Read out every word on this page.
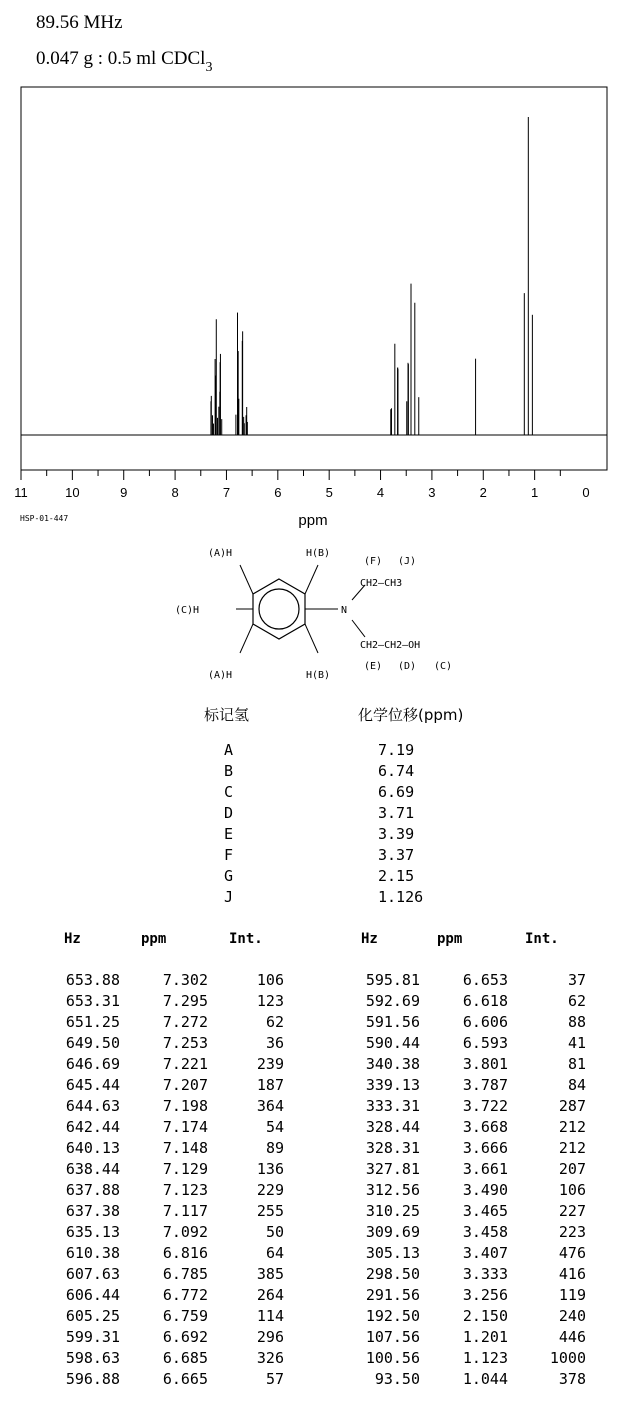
89.56 MHz
0.047 g : 0.5 ml CDCl$_3$
11	10	9	8	7	6	5	4	3	2	1	0
ppm
HSP-01-447
(A)H	H(B)
(C)H
(A)H	H(B)
(F) (J)
CH2–CH3
N
CH2–CH2–OH
(E) (D) (C)
标记氢	化学位移(ppm)
A	7.19
B	6.74
C	6.69
D	3.71
E	3.39
F	3.37
G	2.15
J	1.126
Hz	ppm	Int.	Hz	ppm	Int.
653.88	7.302	106	595.81	6.653	37
653.31	7.295	123	592.69	6.618	62
651.25	7.272	62	591.56	6.606	88
649.50	7.253	36	590.44	6.593	41
646.69	7.221	239	340.38	3.801	81
645.44	7.207	187	339.13	3.787	84
644.63	7.198	364	333.31	3.722	287
642.44	7.174	54	328.44	3.668	212
640.13	7.148	89	328.31	3.666	212
638.44	7.129	136	327.81	3.661	207
637.88	7.123	229	312.56	3.490	106
637.38	7.117	255	310.25	3.465	227
635.13	7.092	50	309.69	3.458	223
610.38	6.816	64	305.13	3.407	476
607.63	6.785	385	298.50	3.333	416
606.44	6.772	264	291.56	3.256	119
605.25	6.759	114	192.50	2.150	240
599.31	6.692	296	107.56	1.201	446
598.63	6.685	326	100.56	1.123	1000
596.88	6.665	57	93.50	1.044	378
